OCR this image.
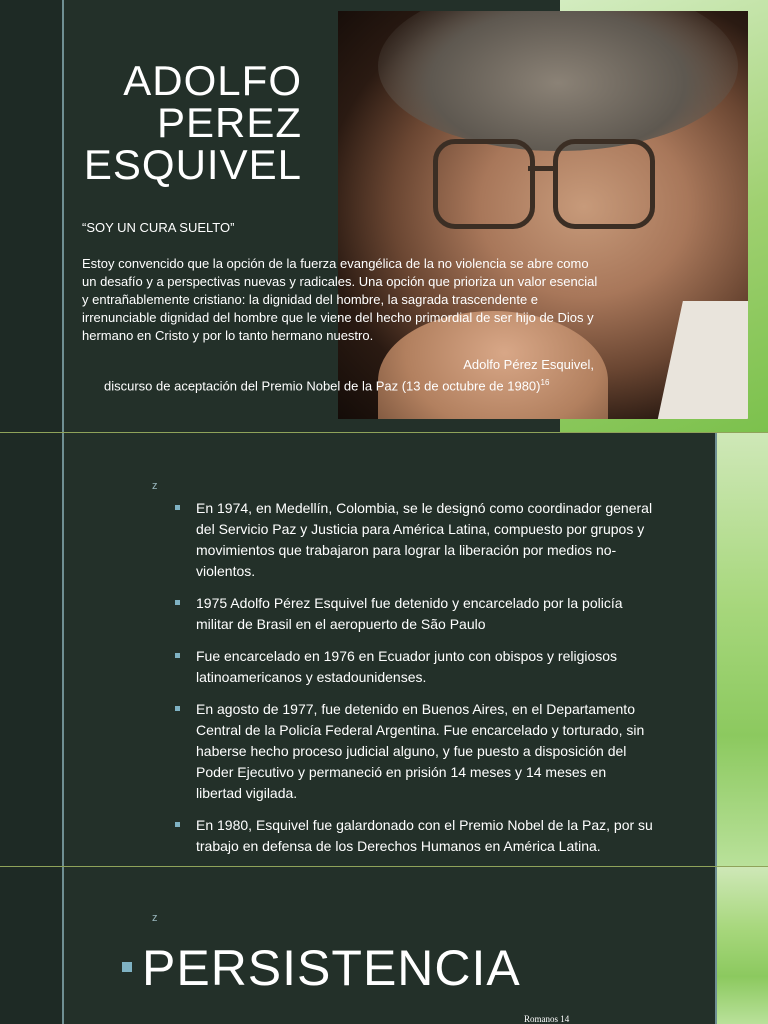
ADOLFO
PEREZ
ESQUIVEL
“SOY UN CURA SUELTO”
Estoy convencido que la opción de la fuerza evangélica de la no violencia se abre como un desafío y a perspectivas nuevas y radicales. Una opción que prioriza un valor esencial y entrañablemente cristiano: la dignidad del hombre, la sagrada trascendente e irrenunciable dignidad del hombre que le viene del hecho primordial de ser hijo de Dios y hermano en Cristo y por lo tanto hermano nuestro.
Adolfo Pérez Esquivel,
discurso de aceptación del Premio Nobel de la Paz (13 de octubre de 1980)$^{16}$
z
En 1974, en Medellín, Colombia, se le designó como coordinador general del Servicio Paz y Justicia para América Latina, compuesto por grupos y movimientos que trabajaron para lograr la liberación por medios no-violentos.
1975 Adolfo Pérez Esquivel fue detenido y encarcelado por la policía militar de Brasil en el aeropuerto de São Paulo
Fue encarcelado en 1976 en Ecuador junto con obispos y religiosos latinoamericanos y estadounidenses.
En agosto de 1977, fue detenido en Buenos Aires, en el Departamento Central de la Policía Federal Argentina. Fue encarcelado y torturado, sin haberse hecho proceso judicial alguno, y fue puesto a disposición del Poder Ejecutivo y permaneció en prisión 14 meses y 14 meses en libertad vigilada.
En 1980, Esquivel fue galardonado con el Premio Nobel de la Paz, por su trabajo en defensa de los Derechos Humanos en América Latina.
z
PERSISTENCIA
Romanos 14
